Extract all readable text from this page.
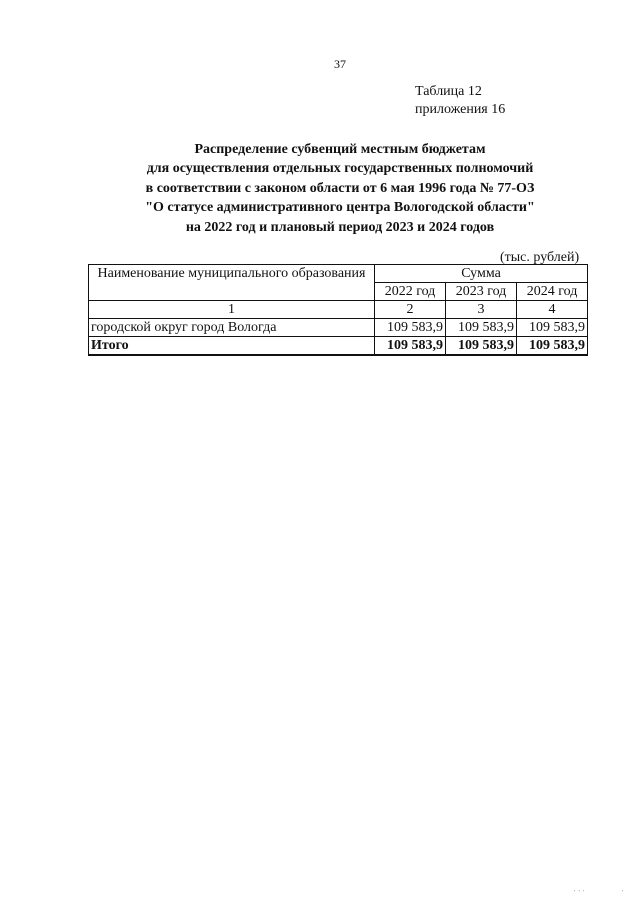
37
Таблица 12
приложения 16
Распределение субвенций местным бюджетам
для осуществления отдельных государственных полномочий
в соответствии с законом области от 6 мая 1996 года № 77-ОЗ
"О статусе административного центра Вологодской области"
на 2022 год и плановый период 2023 и 2024 годов
(тыс. рублей)
Наименование муниципального образования	Сумма		
	2022 год	2023 год	2024 год
1	2	3	4
городской округ город Вологда	109 583,9	109 583,9	109 583,9
Итого	109 583,9	109 583,9	109 583,9
' ' '	'
